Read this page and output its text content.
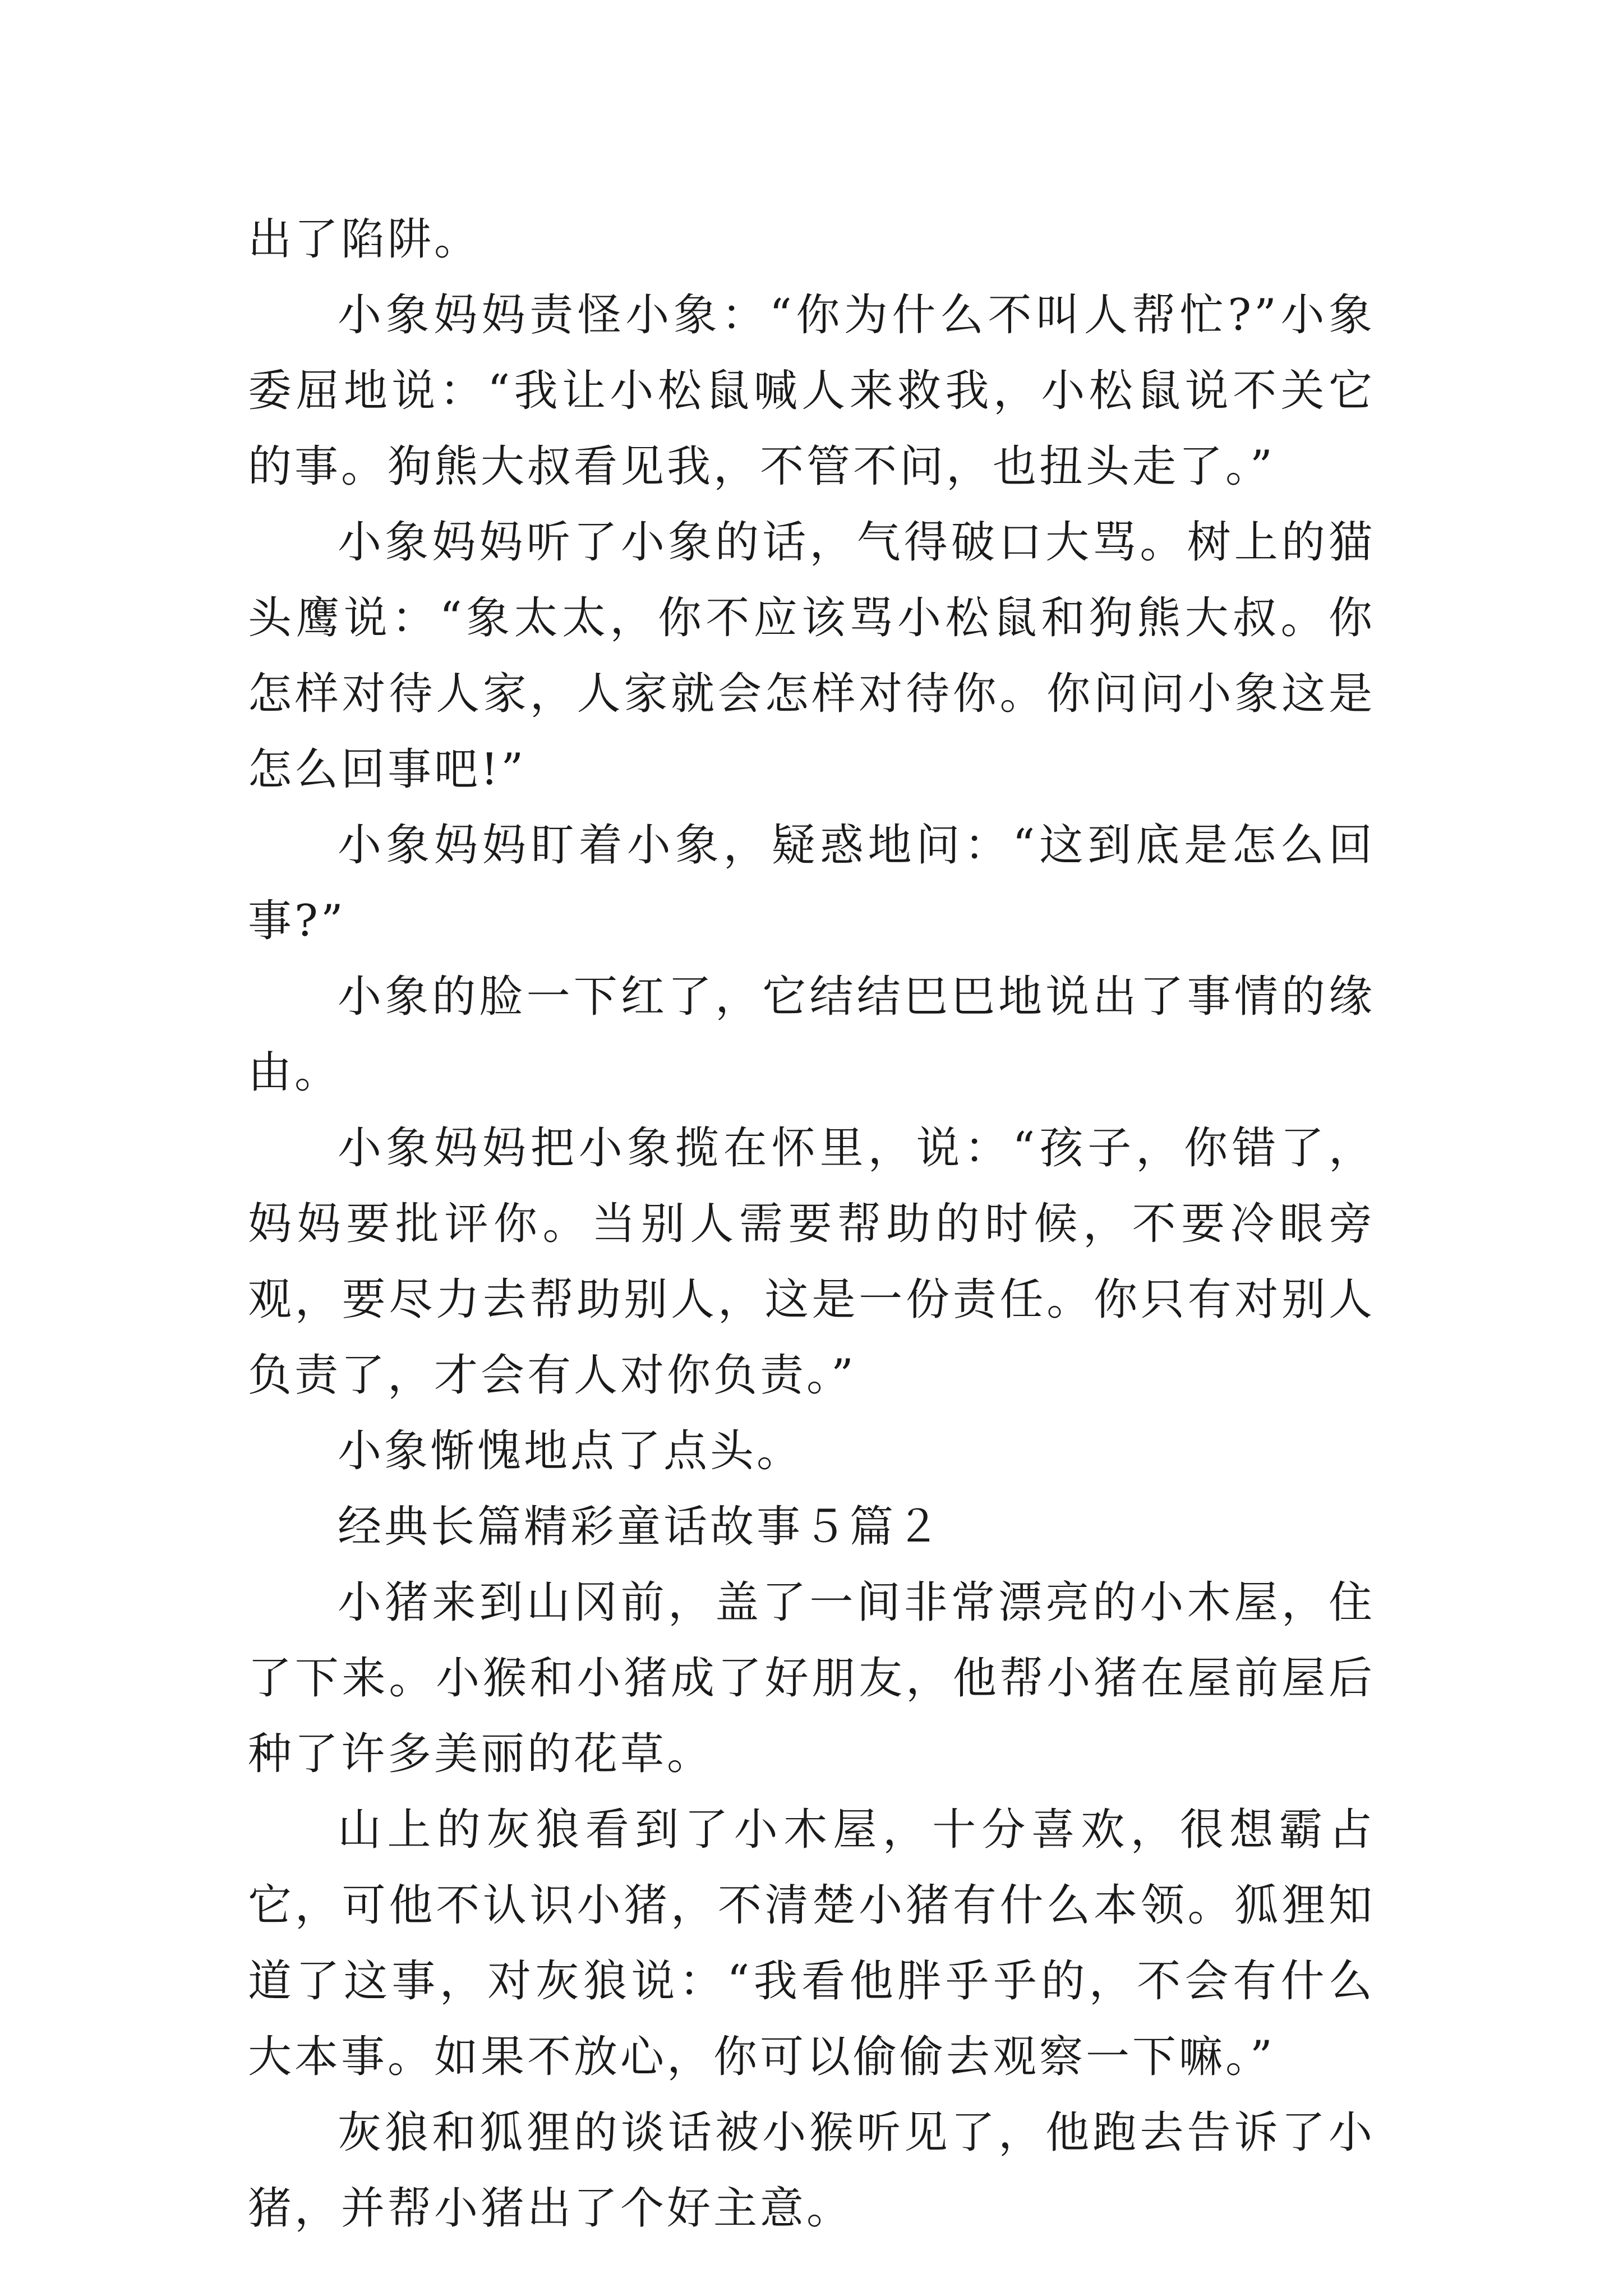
出了陷阱。

小象妈妈责怪小象：“你为什么不叫人帮忙?”小象委屈地说：“我让小松鼠喊人来救我，小松鼠说不关它的事。狗熊大叔看见我，不管不问，也扭头走了。”

小象妈妈听了小象的话，气得破口大骂。树上的猫头鹰说：“象太太，你不应该骂小松鼠和狗熊大叔。你怎样对待人家，人家就会怎样对待你。你问问小象这是怎么回事吧!”

小象妈妈盯着小象，疑惑地问：“这到底是怎么回事?”

小象的脸一下红了，它结结巴巴地说出了事情的缘由。

小象妈妈把小象揽在怀里，说：“孩子，你错了，妈妈要批评你。当别人需要帮助的时候，不要冷眼旁观，要尽力去帮助别人，这是一份责任。你只有对别人负责了，才会有人对你负责。”

小象惭愧地点了点头。

经典长篇精彩童话故事５篇２

小猪来到山冈前，盖了一间非常漂亮的小木屋，住了下来。小猴和小猪成了好朋友，他帮小猪在屋前屋后种了许多美丽的花草。

山上的灰狼看到了小木屋，十分喜欢，很想霸占它，可他不认识小猪，不清楚小猪有什么本领。狐狸知道了这事，对灰狼说：“我看他胖乎乎的，不会有什么大本事。如果不放心，你可以偷偷去观察一下嘛。”

灰狼和狐狸的谈话被小猴听见了，他跑去告诉了小猪，并帮小猪出了个好主意。
